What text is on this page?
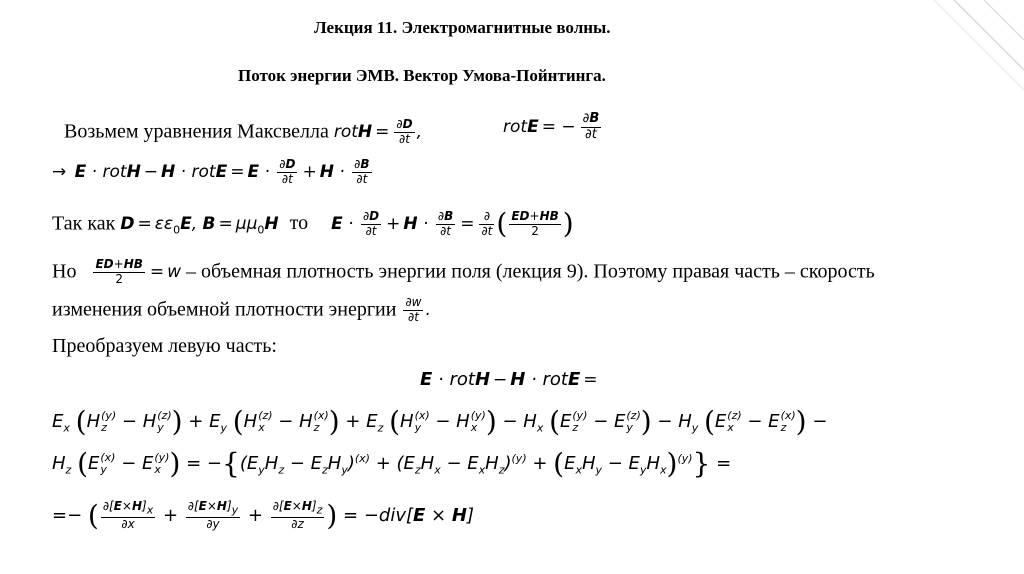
Лекция 11. Электромагнитные волны.
Поток энергии ЭМВ. Вектор Умова-Пойнтинга.
Возьмем уравнения Максвелла rotH = $\frac{\partial D}{\partial t}$ ,	rotE = − $\frac{\partial B}{\partial t}$
→ E · rotH − H · rotE = $E \cdot \frac{\partial D}{\partial t} + H \cdot \frac{\partial B}{\partial t}$
Так как $D = \varepsilon\varepsilon_0E$, $B = \mu\mu_0H$ то $E \cdot \frac{\partial D}{\partial t} + H \cdot \frac{\partial B}{\partial t} = \frac{\partial}{\partial t}$ ( $\frac{ED+HB}{2}$ )
Но $\frac{ED+HB}{2} = w$ – объемная плотность энергии поля (лекция 9). Поэтому правая часть – скорость
изменения объемной плотности энергии $\frac{\partial w}{\partial t}$ .
Преобразуем левую часть:
E · rotH − H · rotE =
$E_x$ (H (y)
z − H (z)
y ) + $E_y$ (H (z)
x − H (x)
z ) + $E_z$ (H (x)
y − H (y)
x ) − $H_x$ (E (y)
z − E (z)
y ) − $H_y$ (E (z)
x − E (x)
z ) −
$H_z$ (E (x)
y − E (y)
x ) = $-\{(E_yH_z - E_zH_y)^{(x)} + (E_zH_x - E_xH_z)^{(y)} + (E_xH_y - E_yH_x)^{(y)}\}$ =
=− ( $\frac{\partial[E\times H]_x}{\partial x} + \frac{\partial[E\times H]_y}{\partial y} + \frac{\partial[E\times H]_z}{\partial z}$ ) = −div[E × H]
